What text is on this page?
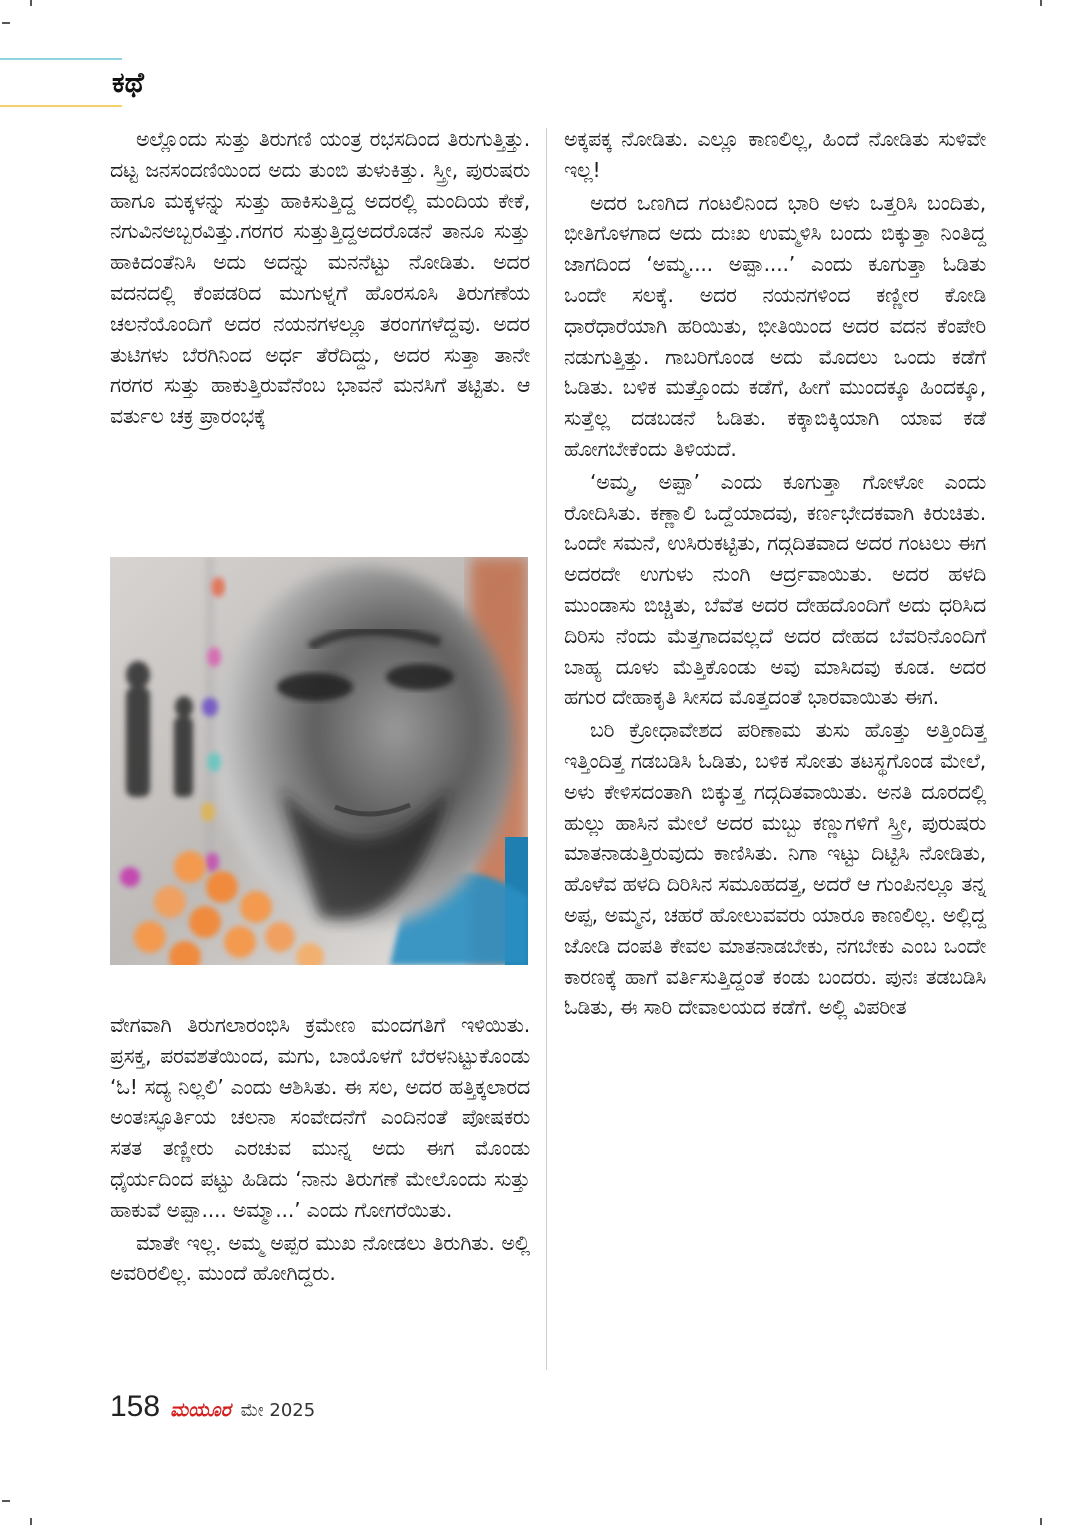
ಕಥೆ

ಅಲ್ಲೊಂದು ಸುತ್ತು ತಿರುಗಣಿ ಯಂತ್ರ ರಭಸದಿಂದ ತಿರುಗುತ್ತಿತ್ತು. ದಟ್ಟ ಜನಸಂದಣಿಯಿಂದ ಅದು ತುಂಬಿ ತುಳುಕಿತ್ತು. ಸ್ತ್ರೀ, ಪುರುಷರು ಹಾಗೂ ಮಕ್ಕಳನ್ನು ಸುತ್ತು ಹಾಕಿಸುತ್ತಿದ್ದ ಅದರಲ್ಲಿ ಮಂದಿಯ ಕೇಕೆ, ನಗುವಿನಅಬ್ಬರವಿತ್ತು.ಗರಗರ ಸುತ್ತುತ್ತಿದ್ದಅದರೊಡನೆ ತಾನೂ ಸುತ್ತು ಹಾಕಿದಂತೆನಿಸಿ ಅದು ಅದನ್ನು ಮನನೆಟ್ಟು ನೋಡಿತು. ಅದರ ವದನದಲ್ಲಿ ಕೆಂಪಡರಿದ ಮುಗುಳ್ನಗೆ ಹೊರಸೂಸಿ ತಿರುಗಣೆಯ ಚಲನೆಯೊಂದಿಗೆ ಅದರ ನಯನಗಳಲ್ಲೂ ತರಂಗಗಳೆದ್ದವು. ಅದರ ತುಟಿಗಳು ಬೆರಗಿನಿಂದ ಅರ್ಧ ತೆರೆದಿದ್ದು, ಅದರ ಸುತ್ತಾ ತಾನೇ ಗರಗರ ಸುತ್ತು ಹಾಕುತ್ತಿರುವೆನೆಂಬ ಭಾವನೆ ಮನಸಿಗೆ ತಟ್ಟಿತು. ಆ ವರ್ತುಲ ಚಕ್ರ ಪ್ರಾರಂಭಕ್ಕೆ

ವೇಗವಾಗಿ ತಿರುಗಲಾರಂಭಿಸಿ ಕ್ರಮೇಣ ಮಂದಗತಿಗೆ ಇಳಿಯಿತು. ಪ್ರಸಕ್ತ, ಪರವಶತೆಯಿಂದ, ಮಗು, ಬಾಯೊಳಗೆ ಬೆರಳನಿಟ್ಟುಕೊಂಡು ‘ಓ! ಸದ್ಯ ನಿಲ್ಲಲಿ’ ಎಂದು ಆಶಿಸಿತು. ಈ ಸಲ, ಅದರ ಹತ್ತಿಕ್ಕಲಾರದ ಅಂತಃಸ್ಫೂರ್ತಿಯ ಚಲನಾ ಸಂವೇದನೆಗೆ ಎಂದಿನಂತೆ ಪೋಷಕರು ಸತತ ತಣ್ಣೀರು ಎರಚುವ ಮುನ್ನ ಅದು ಈಗ ಮೊಂಡು ಧೈರ್ಯದಿಂದ ಪಟ್ಟು ಹಿಡಿದು ‘ನಾನು ತಿರುಗಣೆ ಮೇಲೊಂದು ಸುತ್ತು ಹಾಕುವೆ ಅಪ್ಪಾ.... ಅಮ್ಮಾ...’ ಎಂದು ಗೋಗರೆಯಿತು.

ಮಾತೇ ಇಲ್ಲ. ಅಮ್ಮ ಅಪ್ಪರ ಮುಖ ನೋಡಲು ತಿರುಗಿತು. ಅಲ್ಲಿ ಅವರಿರಲಿಲ್ಲ. ಮುಂದೆ ಹೋಗಿದ್ದರು.

ಅಕ್ಕಪಕ್ಕ ನೋಡಿತು. ಎಲ್ಲೂ ಕಾಣಲಿಲ್ಲ, ಹಿಂದೆ ನೋಡಿತು ಸುಳಿವೇ ಇಲ್ಲ!

ಅದರ ಒಣಗಿದ ಗಂಟಲಿನಿಂದ ಭಾರಿ ಅಳು ಒತ್ತರಿಸಿ ಬಂದಿತು, ಭೀತಿಗೊಳಗಾದ ಅದು ದುಃಖ ಉಮ್ಮಳಿಸಿ ಬಂದು ಬಿಕ್ಕುತ್ತಾ ನಿಂತಿದ್ದ ಜಾಗದಿಂದ ‘ಅಮ್ಮ.... ಅಪ್ಪಾ....’ ಎಂದು ಕೂಗುತ್ತಾ ಓಡಿತು ಒಂದೇ ಸಲಕ್ಕೆ. ಅದರ ನಯನಗಳಿಂದ ಕಣ್ಣೀರ ಕೋಡಿ ಧಾರೆಧಾರೆಯಾಗಿ ಹರಿಯಿತು, ಭೀತಿಯಿಂದ ಅದರ ವದನ ಕೆಂಪೇರಿ ನಡುಗುತ್ತಿತ್ತು. ಗಾಬರಿಗೊಂಡ ಅದು ಮೊದಲು ಒಂದು ಕಡೆಗೆ ಓಡಿತು. ಬಳಿಕ ಮತ್ತೊಂದು ಕಡೆಗೆ, ಹೀಗೆ ಮುಂದಕ್ಕೂ ಹಿಂದಕ್ಕೂ, ಸುತ್ತೆಲ್ಲ ದಡಬಡನೆ ಓಡಿತು. ಕಕ್ಕಾಬಿಕ್ಕಿಯಾಗಿ ಯಾವ ಕಡೆ ಹೋಗಬೇಕೆಂದು ತಿಳಿಯದೆ.

‘ಅಮ್ಮ, ಅಪ್ಪಾ’ ಎಂದು ಕೂಗುತ್ತಾ ಗೋಳೋ ಎಂದು ರೋದಿಸಿತು. ಕಣ್ಣಾಲಿ ಒದ್ದೆಯಾದವು, ಕರ್ಣಭೇದಕವಾಗಿ ಕಿರುಚಿತು. ಒಂದೇ ಸಮನೆ, ಉಸಿರುಕಟ್ಟಿತು, ಗದ್ಗದಿತವಾದ ಅದರ ಗಂಟಲು ಈಗ ಅದರದೇ ಉಗುಳು ನುಂಗಿ ಆರ್ದ್ರವಾಯಿತು. ಅದರ ಹಳದಿ ಮುಂಡಾಸು ಬಿಚ್ಚಿತು, ಬೆವೆತ ಅದರ ದೇಹದೊಂದಿಗೆ ಅದು ಧರಿಸಿದ ದಿರಿಸು ನೆಂದು ಮೆತ್ತಗಾದವಲ್ಲದೆ ಅದರ ದೇಹದ ಬೆವರಿನೊಂದಿಗೆ ಬಾಹ್ಯ ದೂಳು ಮೆತ್ತಿಕೊಂಡು ಅವು ಮಾಸಿದವು ಕೂಡ. ಅದರ ಹಗುರ ದೇಹಾಕೃತಿ ಸೀಸದ ಮೊತ್ತದಂತೆ ಭಾರವಾಯಿತು ಈಗ.

ಬರಿ ಕ್ರೋಧಾವೇಶದ ಪರಿಣಾಮ ತುಸು ಹೊತ್ತು ಅತ್ತಿಂದಿತ್ತ ಇತ್ತಿಂದಿತ್ತ ಗಡಬಡಿಸಿ ಓಡಿತು, ಬಳಿಕ ಸೋತು ತಟಸ್ಥಗೊಂಡ ಮೇಲೆ, ಅಳು ಕೇಳಿಸದಂತಾಗಿ ಬಿಕ್ಕುತ್ತ ಗದ್ಗದಿತವಾಯಿತು. ಅನತಿ ದೂರದಲ್ಲಿ ಹುಲ್ಲು ಹಾಸಿನ ಮೇಲೆ ಅದರ ಮಬ್ಬು ಕಣ್ಣುಗಳಿಗೆ ಸ್ತ್ರೀ, ಪುರುಷರು ಮಾತನಾಡುತ್ತಿರುವುದು ಕಾಣಿಸಿತು. ನಿಗಾ ಇಟ್ಟು ದಿಟ್ಟಿಸಿ ನೋಡಿತು, ಹೊಳೆವ ಹಳದಿ ದಿರಿಸಿನ ಸಮೂಹದತ್ತ, ಅದರೆ ಆ ಗುಂಪಿನಲ್ಲೂ ತನ್ನ ಅಪ್ಪ, ಅಮ್ಮನ, ಚಹರೆ ಹೋಲುವವರು ಯಾರೂ ಕಾಣಲಿಲ್ಲ. ಅಲ್ಲಿದ್ದ ಜೋಡಿ ದಂಪತಿ ಕೇವಲ ಮಾತನಾಡಬೇಕು, ನಗಬೇಕು ಎಂಬ ಒಂದೇ ಕಾರಣಕ್ಕೆ ಹಾಗೆ ವರ್ತಿಸುತ್ತಿದ್ದಂತೆ ಕಂಡು ಬಂದರು. ಪುನಃ ತಡಬಡಿಸಿ ಓಡಿತು, ಈ ಸಾರಿ ದೇವಾಲಯದ ಕಡೆಗೆ. ಅಲ್ಲಿ ವಿಪರೀತ

158 ಮಯೂರ ಮೇ 2025
